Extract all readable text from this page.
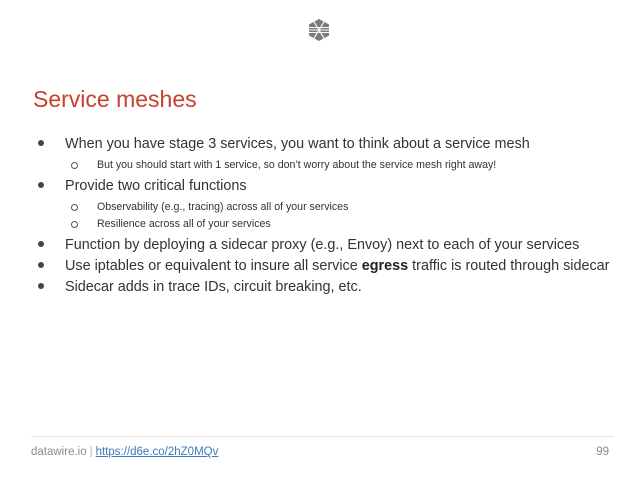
Service meshes
When you have stage 3 services, you want to think about a service mesh
But you should start with 1 service, so don’t worry about the service mesh right away!
Provide two critical functions
Observability (e.g., tracing) across all of your services
Resilience across all of your services
Function by deploying a sidecar proxy (e.g., Envoy) next to each of your services
Use iptables or equivalent to insure all service egress traffic is routed through sidecar
Sidecar adds in trace IDs, circuit breaking, etc.
datawire.io | https://d6e.co/2hZ0MQv	99
